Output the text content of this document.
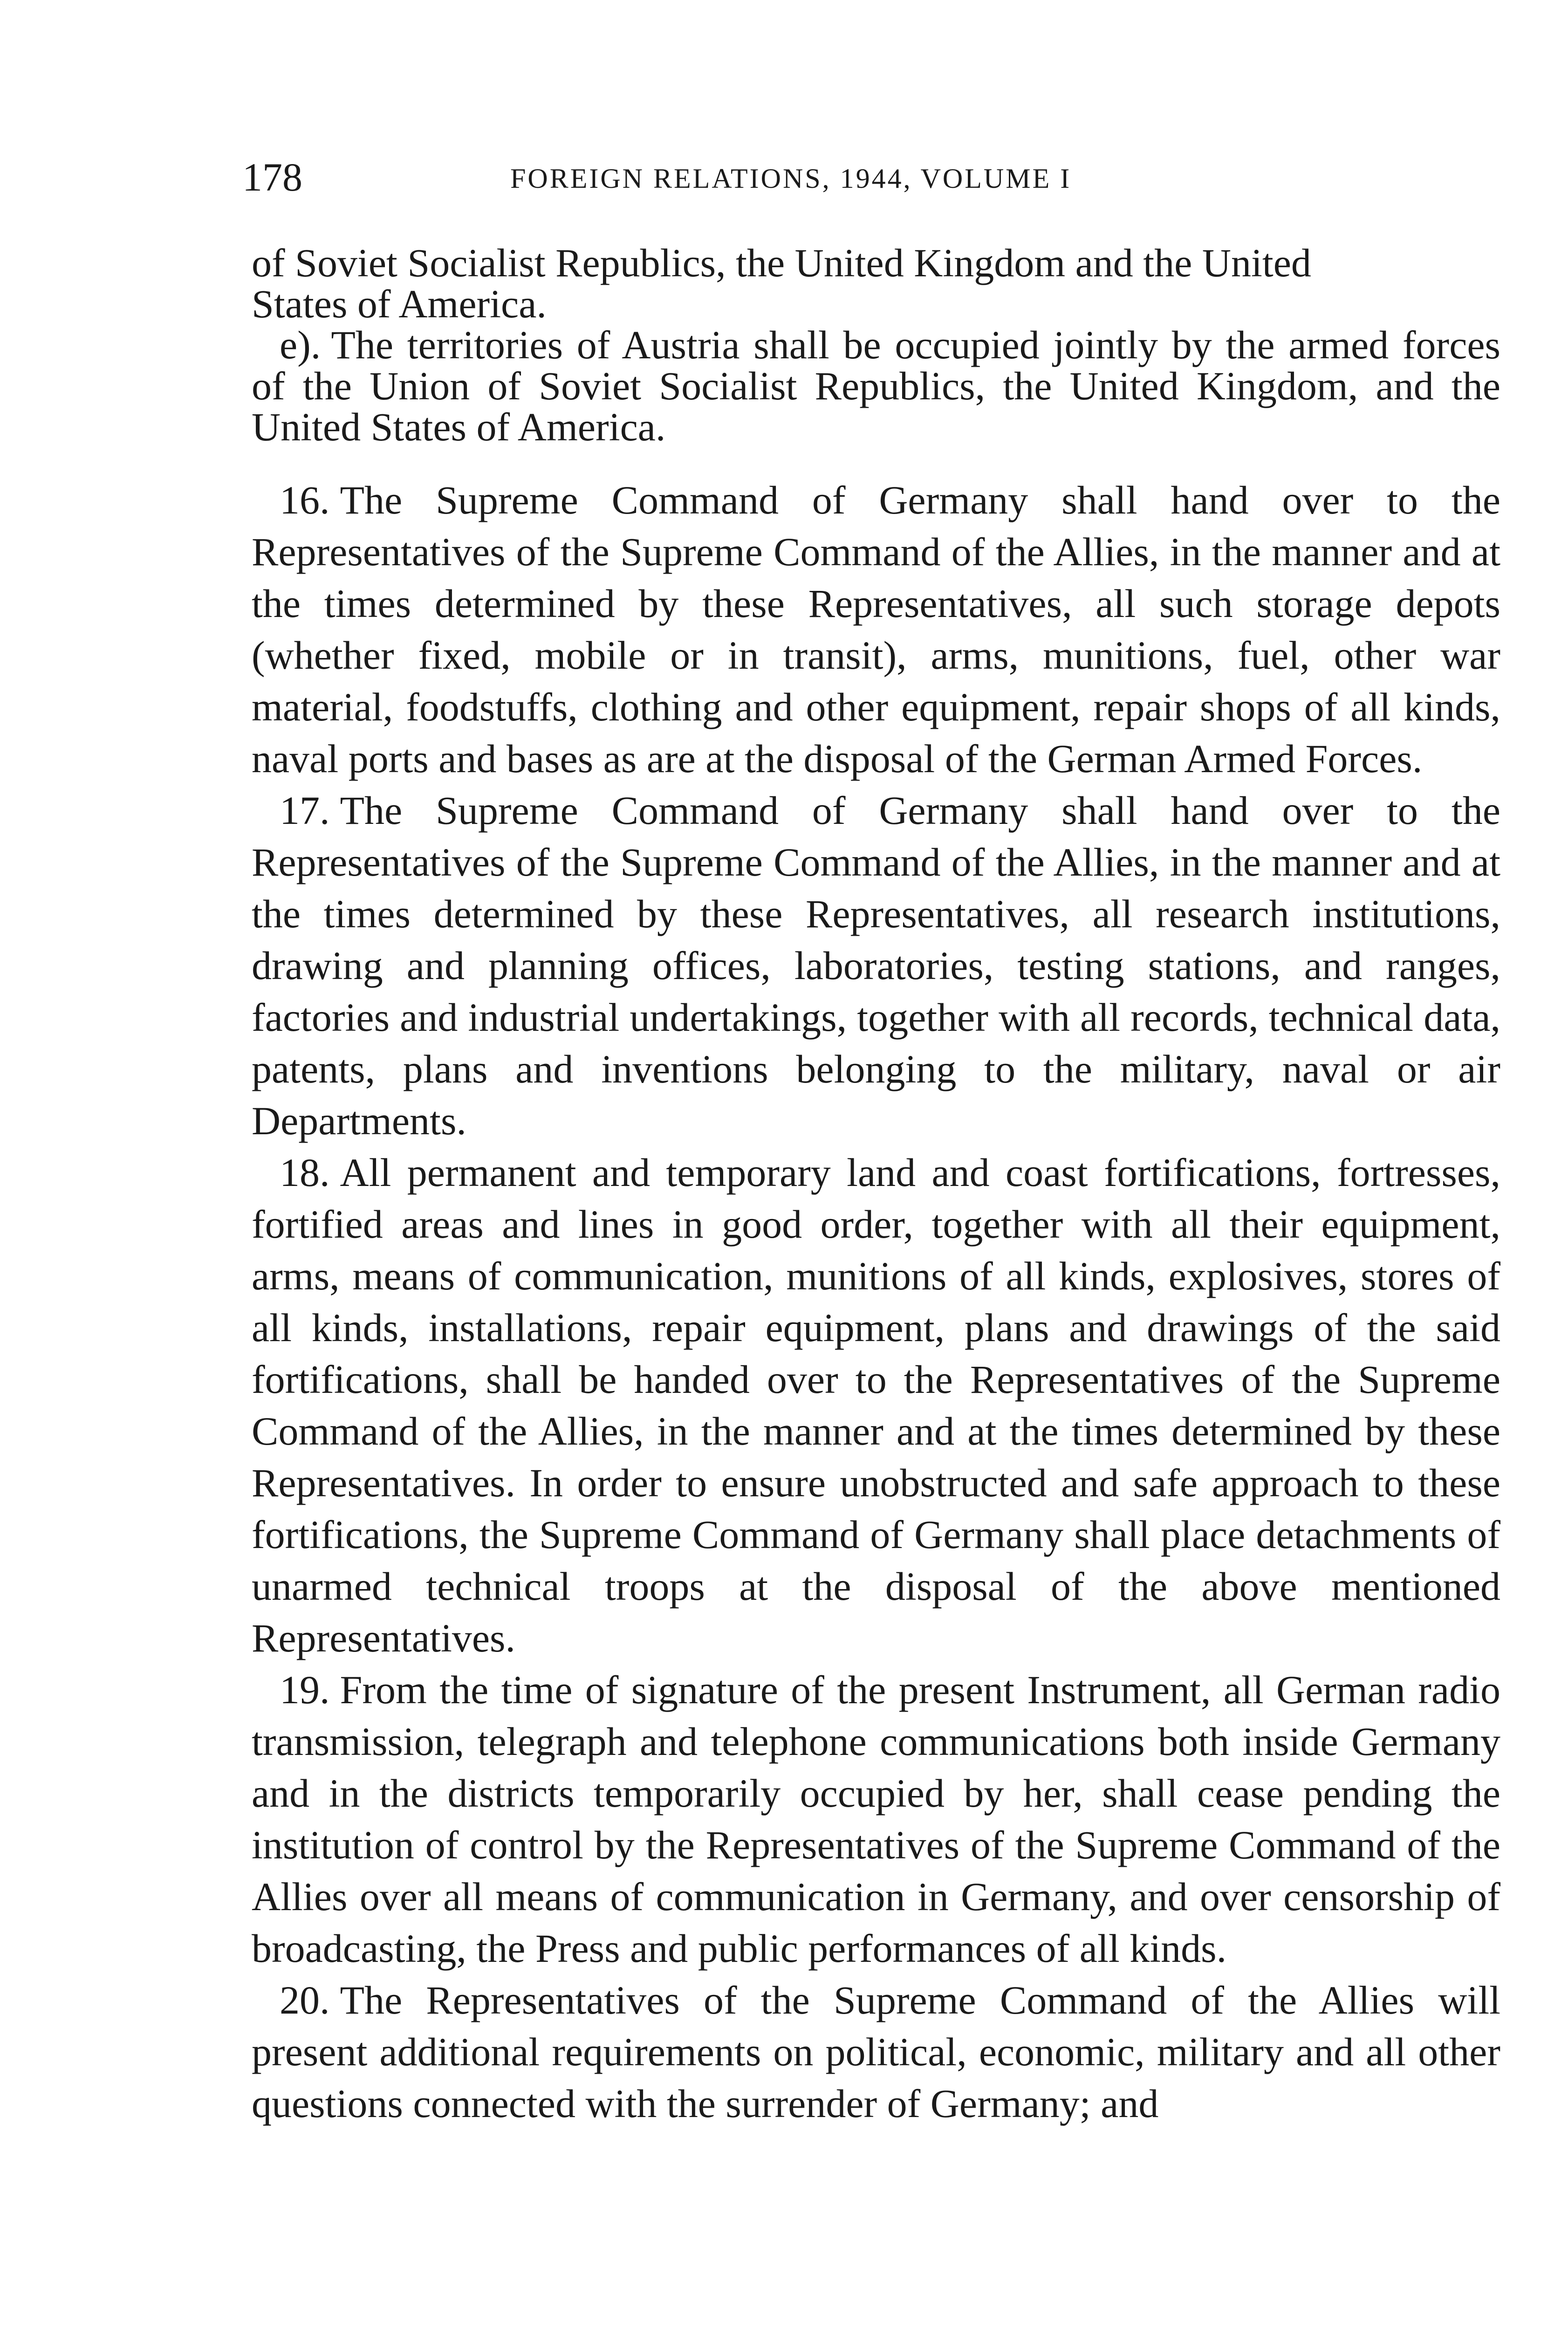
178	FOREIGN RELATIONS, 1944, VOLUME I
of Soviet Socialist Republics, the United Kingdom and the United
States of America.

e). The territories of Austria shall be occupied jointly by the armed forces of the Union of Soviet Socialist Republics, the United Kingdom, and the United States of America.

16. The Supreme Command of Germany shall hand over to the Representatives of the Supreme Command of the Allies, in the manner and at the times determined by these Representatives, all such storage depots (whether fixed, mobile or in transit), arms, munitions, fuel, other war material, foodstuffs, clothing and other equipment, repair shops of all kinds, naval ports and bases as are at the disposal of the German Armed Forces.

17. The Supreme Command of Germany shall hand over to the Representatives of the Supreme Command of the Allies, in the manner and at the times determined by these Representatives, all research institutions, drawing and planning offices, laboratories, testing stations, and ranges, factories and industrial undertakings, together with all records, technical data, patents, plans and inventions belonging to the military, naval or air Departments.

18. All permanent and temporary land and coast fortifications, fortresses, fortified areas and lines in good order, together with all their equipment, arms, means of communication, munitions of all kinds, explosives, stores of all kinds, installations, repair equipment, plans and drawings of the said fortifications, shall be handed over to the Representatives of the Supreme Command of the Allies, in the manner and at the times determined by these Representatives. In order to ensure unobstructed and safe approach to these fortifications, the Supreme Command of Germany shall place detachments of unarmed technical troops at the disposal of the above mentioned Representatives.

19. From the time of signature of the present Instrument, all German radio transmission, telegraph and telephone communications both inside Germany and in the districts temporarily occupied by her, shall cease pending the institution of control by the Representatives of the Supreme Command of the Allies over all means of communication in Germany, and over censorship of broadcasting, the Press and public performances of all kinds.

20. The Representatives of the Supreme Command of the Allies will present additional requirements on political, economic, military and all other questions connected with the surrender of Germany; and
